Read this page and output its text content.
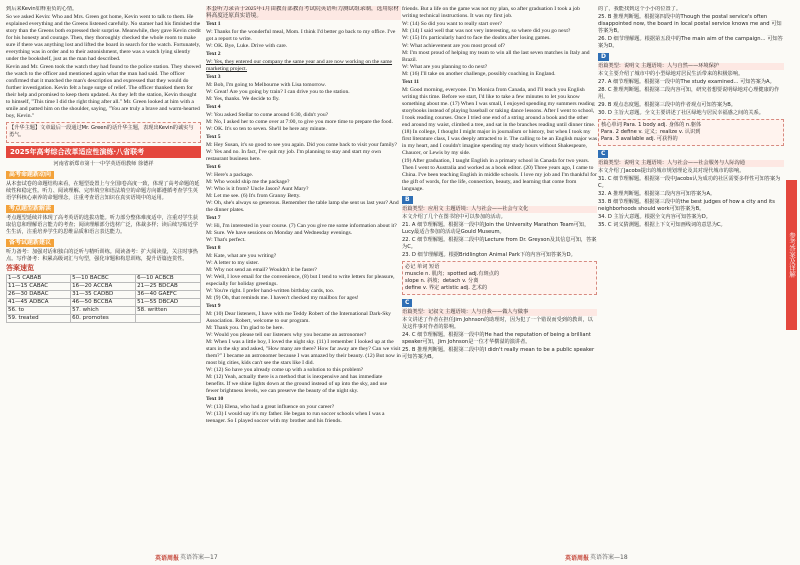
到后来Kevin如释重负的心情。

So we asked Kevin: Who and Mrs. Green got home, Kevin went to talk to them. He explained everything and the Greens listened carefully. No stamer had his fimished the story than the Greens both expressed their surprise. Meanwhile, they gave Kevin credit for his honesty and courage. Then, they thoroughly checked the whole room to make sure if there was anything lost and lifted the board in search for the watch. Fortunately, everything was in order and to their astonishment, there was a watch lying silently under the bookshelf, just as the man had described.

Kevin and Mr. Green took the watch they had found to the police station. They showed the watch to the officer and mentioned again what the man had said. The officer confirmed that it matched the man's description and expressed that they would do further investigation. Kevin felt a huge surge of relief. The officer thanked them for their help and promised to keep them updated. As they left the station, Kevin thought to himself, "This time I did the right thing after all." Mr. Green looked at him with a smile and patted him on the shoulder, saying, "You are truly a brave and warm-hearted boy, Kevin."

【升华主题】文章最后一段通过Mr. Green的话升华主题，表现出Kevin的诚实与勇气。

2025年高考综合改革适应性演练·八省联考

河南省新郑市第十一中学英语组教师 徐德祥

高考命题新动向

从本套试卷的命题结构来看，在题型设置上与全国I卷高度一致，体现了高考命题的延续性和稳定性。听力、阅读理解、完形填空和语法填空的命题方向都遵循考查学生英语学科核心素养的命题理念，注重考查语言知识在真实语境中的运用。

考点题型新解读

考点题型延续并体现了高考英语的选拔功能。听力部分整体难度适中，注重对学生获取信息和理解语言能力的考查；阅读理解部分选材广泛，体裁多样；读后续写贴近学生生活，注重培养学生的思维品质和语言表达能力。

备考试题新建议

听力备考：加强对话和独白的泛听与精听训练。阅读备考：扩大阅读量，关注时事热点。写作备考：积累高级词汇与句型，强化审题和构思训练，提升语篇连贯性。

答案速览
1—5 CABAB	5—10 BACBC	6—10 ACBCB
11—15 CABAC	16—20 ACCBA	21—25 BDCAB
26—30 DABAC	31—35 CADBD	36—40 GAEFC
41—45 ADBCA	46—50 BCCBA	51—55 DBCAD
56. to	57. which	58. written
59. treated	60. promotes	

本套听力录音于2025年1月由教育部教育考试院英语听力测试组录制，选用原材料高度还原真实语境。

Text 1

W: Thanks for the wonderful meal, Mom. I think I'd better go back to my office. I've got a report to write.
W: OK. Bye, Luke. Drive with care.

Text 2

W: Yes, they entered our company the same year and are now working on the same marketing project.

Text 3

M: Bob, I'm going to Melbourne with Lisa tomorrow.
W: Great! Are you going by train? I can drive you to the station.
M: Yes, thanks. We decide to fly.

Text 4

W: You asked Stellar to come around 6:30, didn't you?
M: No, I asked her to come over at 7:00, to give you more time to prepare the food.
W: OK. It's so ten to seven. She'll be here any minute.

Text 5

M: Hey Susan, it's so good to see you again. Did you come back to visit your family?
W: Yes and no. In fact, I've quit my job. I'm planning to stay and start my own restaurant business here.

Text 6

W: Here's a package.
M: Who would ship me the package?
W: Who is it from? Uncle Jason? Aunt Mary?
M: Let me see. (6) It's from Granny Betty.
W: Oh, she's always so generous. Remember the table lamp she sent us last year? And the dinner plates.

Text 7

W: Hi, I'm interested in your course. (7) Can you give me some information about it?
M: Sure. We have sessions on Monday and Wednesday evenings.
W: That's perfect.

Text 8

M: Kate, what are you writing?
W: A letter to my sister.
M: Why not send an email? Wouldn't it be faster?
W: Well, I love email for the convenience, (8) but I tend to write letters for pleasure, especially for holiday greetings.
W: You're right. I prefer hand-written birthday cards, too.
M: (9) Oh, that reminds me. I haven't checked my mailbox for ages!

Text 9

M: (10) Dear listeners, I have with me Teddy Robert of the International Dark-Sky Association. Robert, welcome to our program.
M: Thank you. I'm glad to be here.
W: Would you please tell our listeners why you became an astronomer?
M: When I was a little boy, I loved the night sky. (11) I remember I looked up at the stars in the sky and asked, "How many are there? How far away are they? Can we visit them?" I became an astronomer because I was amazed by their beauty. (12) But now in most big cities, kids can't see the stars like I did.
W: (12) So have you already come up with a solution to this problem?
M: (12) Yeah, actually there is a method that is inexpensive and has immediate benefits. If we shine lights down at the ground instead of up into the sky, and use fewer brightness levels, we can preserve the beauty of the night sky.

Text 10

W: (13) Elena, who had a great influence on your career?
W: (13) I would say it's my father. He began to run soccer schools when I was a teenager. So I played soccer with my brother and his friends.

friends. But a life on the game was not my plan, so after graduation I took a job writing technical instructions. It was my first job.

W: (14) So did you want to really start over?
M: (14) I said well that was not very interesting, so where did you go next?
W: (15) It's particularly hard to face the doubts after losing games.

W: What achievement are you most proud of?
M: I'm most proud of helping my team to win all the last seven matches in Italy and Brazil.
W: What are you planning to do next?
M: (16) I'll take on another challenge, possibly coaching in England.

Text 11

M: Good morning, everyone. I'm Monica from Canada, and I'll teach you English writing this time. Before we start, I'd like to take a few minutes to let you know something about me. (17) When I was small, I enjoyed spending my summers reading storybooks instead of playing baseball or taking dance lessons. After I went to school, I took reading courses. Once I tried one end of a string around a book and the other end around my waist, climbed a tree, and sat in the branches reading until dinner time. (18) In college, I thought I might major in journalism or history, but when I took my first literature class, I was deeply attracted to it. The calling to be an English major was in my heart, and I couldn't imagine spending my study hours without Shakespeare, Chaucer, or Lewis by my side.

(19) After graduation, I taught English in a primary school in Canada for two years. Then I went to Australia and worked as a book editor. (20) Three years ago, I came to China. I've been teaching English in middle schools. I love my job and I'm thankful for the gift of words, for the life, connection, beauty, and learning that come from language.

B

语篇类型：应用文 主题语境：人与社会——社会与文化

本文介绍了几个在图书馆中可以参加的活动。

21. A 细节理解题。根据第一段中的Join the University Marathon Team可知，Lucy最适合参加的活动是Gould Museum。

22. C 细节理解题。根据第二段中的Lecture from Dr. Greyson及其信息可知，答案为C。

23. D 细节理解题。根据Bridlington Animal Park下的内容可知答案为D。

必记 单词 短语
muscle n. 肌肉；spotted adj.有斑点的
slope n. 斜坡；detach v. 分离
define v. 界定 artistic adj. 艺术的
C

语篇类型：记叙文 主题语境：人与自我——做人与做事

本文讲述了作者在担任Jim Johnson的助理时，因为犯了一个错误而受到的教训，以及这件事对作者的影响。

24. C 细节理解题。根据第一段中的He had the reputation of being a brilliant speaker可知，Jim Johnson是一位才华横溢的演讲者。

25. B 推理判断题。根据第二段中的I didn't really mean to be a public speaker可知答案为B。

的了，我能找到这个小小的位置了。

25. B 推理判断题。根据第四段中的Though the postal service's often disappointed now, the board in local postal service knows me and 可知答案为B。

26. D 细节理解题。根据第五段中的The main aim of the campaign... 可知答案为D。

D

语篇类型：说明文 主题语境：人与自然——环境保护

本文主要介绍了城市中的小型绿地对居民生活带来的积极影响。

27. A 细节理解题。根据第一段中的The study examined... 可知答案为A。

28. C 推理判断题。根据第二段内容可知，研究者想要说明绿地对心理健康的作用。

29. B 观点态度题。根据第三段中的作者观点可知答案为B。

30. D 主旨大意题。全文主要讲述了社区绿地与居民幸福感之间的关系。

核心单词 Para. 1 body adj. 身体的 n.躯体
Para. 2 define v. 定义；realize v. 认识到
Para. 3 available adj. 可获得的
C

语篇类型：说明文 主题语境：人与社会——社会服务与人际沟通

本文介绍了Jacobs提出的城市规划理论及其对现代城市的影响。

31. C 细节理解题。根据第一段中Jacobs认为成功的社区需要多样性可知答案为C。

32. A 推理判断题。根据第二段内容可知答案为A。

33. B 细节理解题。根据第三段中的the best judges of how a city and its neighborhoods should work可知答案为B。

34. D 主旨大意题。根据全文内容可知答案为D。

35. C 词义猜测题。根据上下文可知画线词的意思为C。

参考答案及详解
英语周报 英语答案—17	英语周报 英语答案—18
